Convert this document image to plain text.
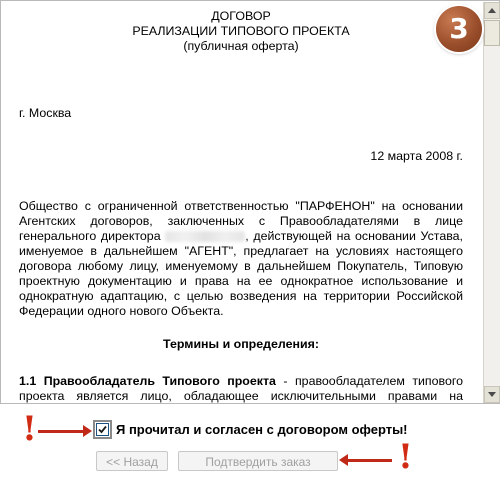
ДОГОВОР
РЕАЛИЗАЦИИ ТИПОВОГО ПРОЕКТА
(публичная оферта)
г. Москва
12 марта 2008 г.
Общество с ограниченной ответственностью "ПАРФЕНОН" на основании Агентских договоров, заключенных с Правообладателями в лице генерального директора	, действующей на основании Устава, именуемое в дальнейшем "АГЕНТ", предлагает на условиях настоящего договора любому лицу, именуемому в дальнейшем Покупатель, Типовую проектную документацию и права на ее однократное использование и однократную адаптацию, с целью возведения на территории Российской Федерации одного нового Объекта.
Термины и определения:
1.1 Правообладатель Типового проекта - правообладателем типового проекта является лицо, обладающее исключительными правами на
3
!	Я прочитал и согласен с договором оферты!
<< Назад	Подтвердить заказ	!
